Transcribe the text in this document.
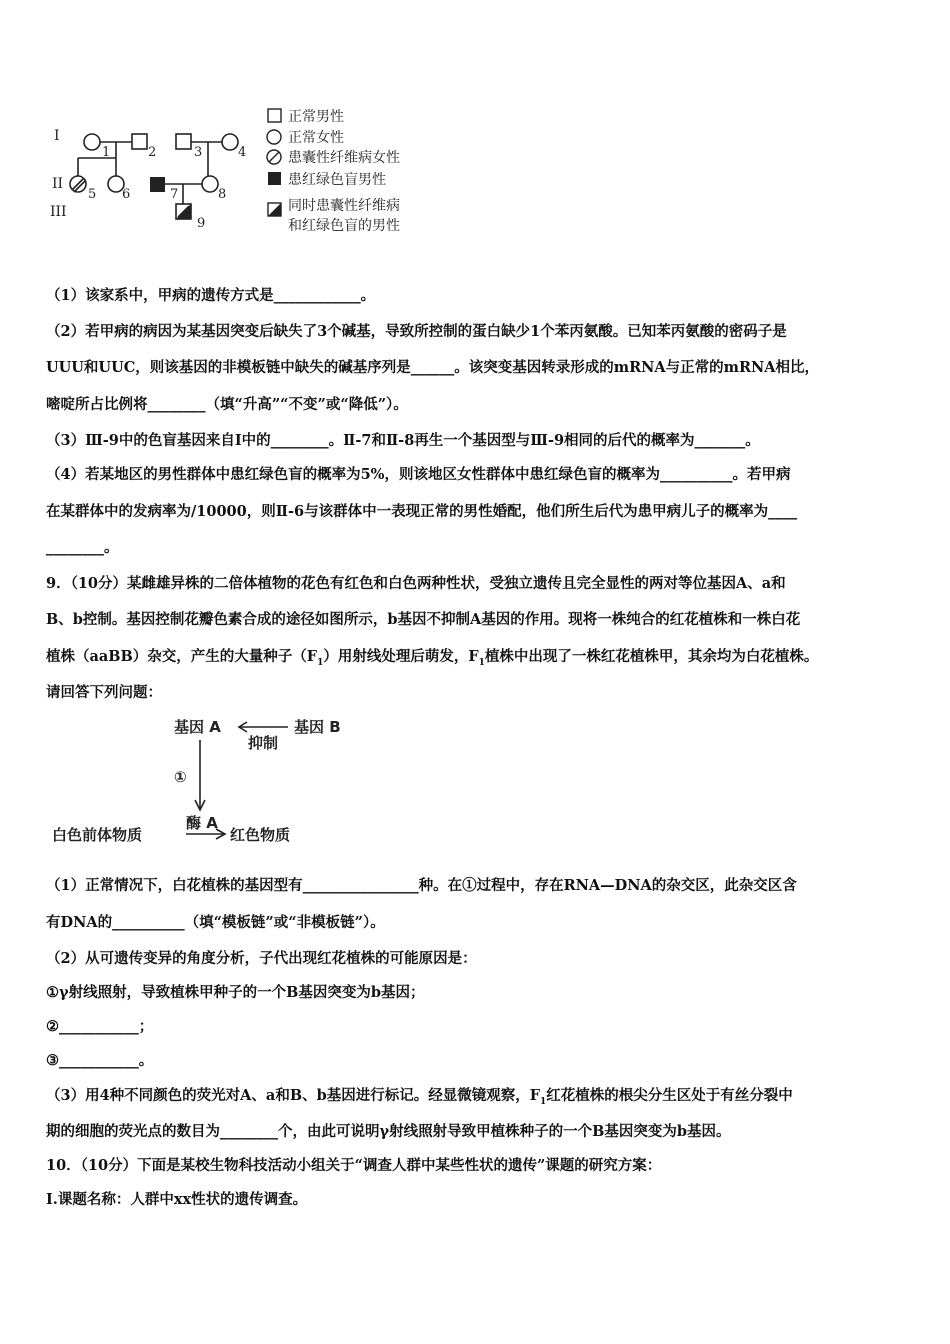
I
II
III
1	2	3	4
5 6	7	8
9
正常男性
正常女性
患囊性纤维病女性
患红绿色盲男性
同时患囊性纤维病
和红绿色盲的男性
（1）该家系中，甲病的遗传方式是____________。
（2）若甲病的病因为某基因突变后缺失了3个碱基，导致所控制的蛋白缺少1个苯丙氨酸。已知苯丙氨酸的密码子是
UUU和UUC，则该基因的非模板链中缺失的碱基序列是______。该突变基因转录形成的mRNA与正常的mRNA相比，
嘧啶所占比例将________（填“升高”“不变”或“降低”）。
（3）Ⅲ-9中的色盲基因来自Ⅰ中的________。Ⅱ-7和Ⅱ-8再生一个基因型与Ⅲ-9相同的后代的概率为_______。
（4）若某地区的男性群体中患红绿色盲的概率为5%，则该地区女性群体中患红绿色盲的概率为__________。若甲病
在某群体中的发病率为/10000，则Ⅱ-6与该群体中一表现正常的男性婚配，他们所生后代为患甲病儿子的概率为____
________。
9．（10分）某雌雄异株的二倍体植物的花色有红色和白色两种性状，受独立遗传且完全显性的两对等位基因A、a和
B、b控制。基因控制花瓣色素合成的途径如图所示，b基因不抑制A基因的作用。现将一株纯合的红花植株和一株白花
植株（aaBB）杂交，产生的大量种子$(F_1)$用射线处理后萌发，$F_1$植株中出现了一株红花植株甲，其余均为白花植株。
请回答下列问题：
基因 A	基因 B
抑制
①
酶 A
白色前体物质	红色物质
（1）正常情况下，白花植株的基因型有________________种。在①过程中，存在RNA—DNA的杂交区，此杂交区含
有DNA的__________（填“模板链”或“非模板链”）。
（2）从可遗传变异的角度分析，子代出现红花植株的可能原因是：
①γ射线照射，导致植株甲种子的一个B基因突变为b基因；
②___________；
③___________。
（3）用4种不同颜色的荧光对A、a和B、b基因进行标记。经显微镜观察，$F_1$红花植株的根尖分生区处于有丝分裂中
期的细胞的荧光点的数目为________个，由此可说明γ射线照射导致甲植株种子的一个B基因突变为b基因。
10．（10分）下面是某校生物科技活动小组关于“调查人群中某些性状的遗传”课题的研究方案：
I.课题名称：人群中xx性状的遗传调查。
